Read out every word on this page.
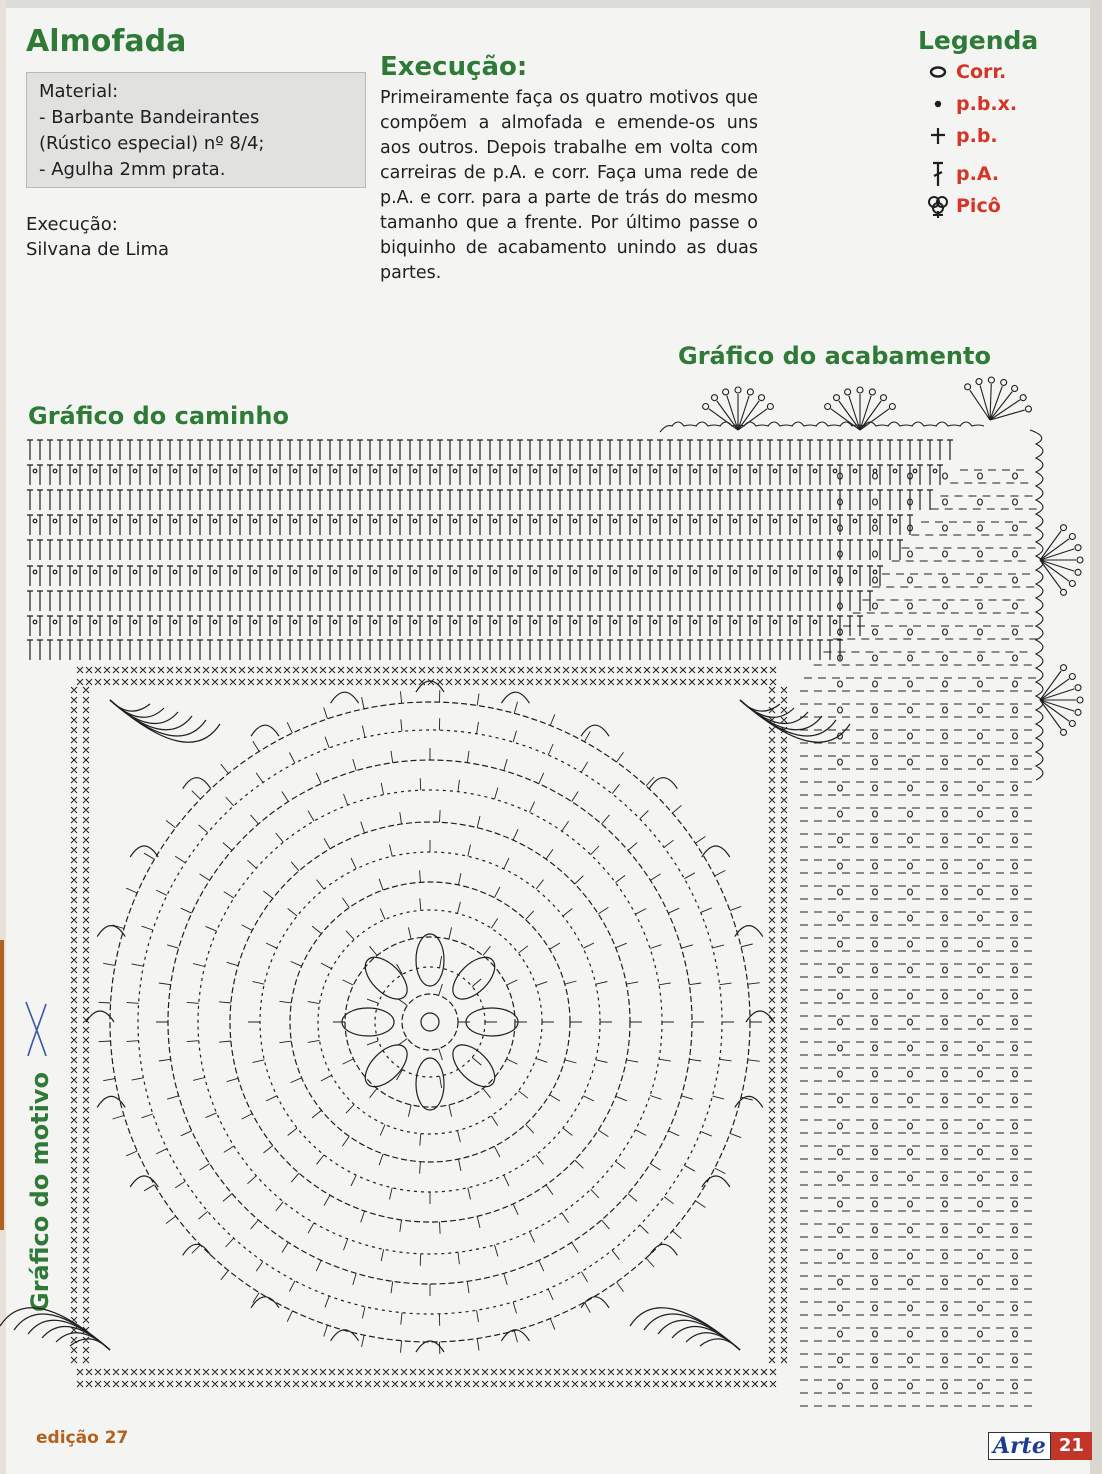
Almofada
Material:
- Barbante Bandeirantes
(Rústico especial) nº 8/4;
- Agulha 2mm prata.
Execução:
Silvana de Lima
Execução:

Primeiramente faça os quatro motivos que compõem a almofada e emende-os uns aos outros. Depois trabalhe em volta com carreiras de p.A. e corr. Faça uma rede de p.A. e corr. para a parte de trás do mesmo tamanho que a frente. Por último passe o biquinho de acabamento unindo as duas partes.

Legenda
Corr.
p.b.x.
p.b.
p.A.
Picô
Gráfico do acabamento
Gráfico do caminho
Gráfico do motivo
edição 27	Arte 21
